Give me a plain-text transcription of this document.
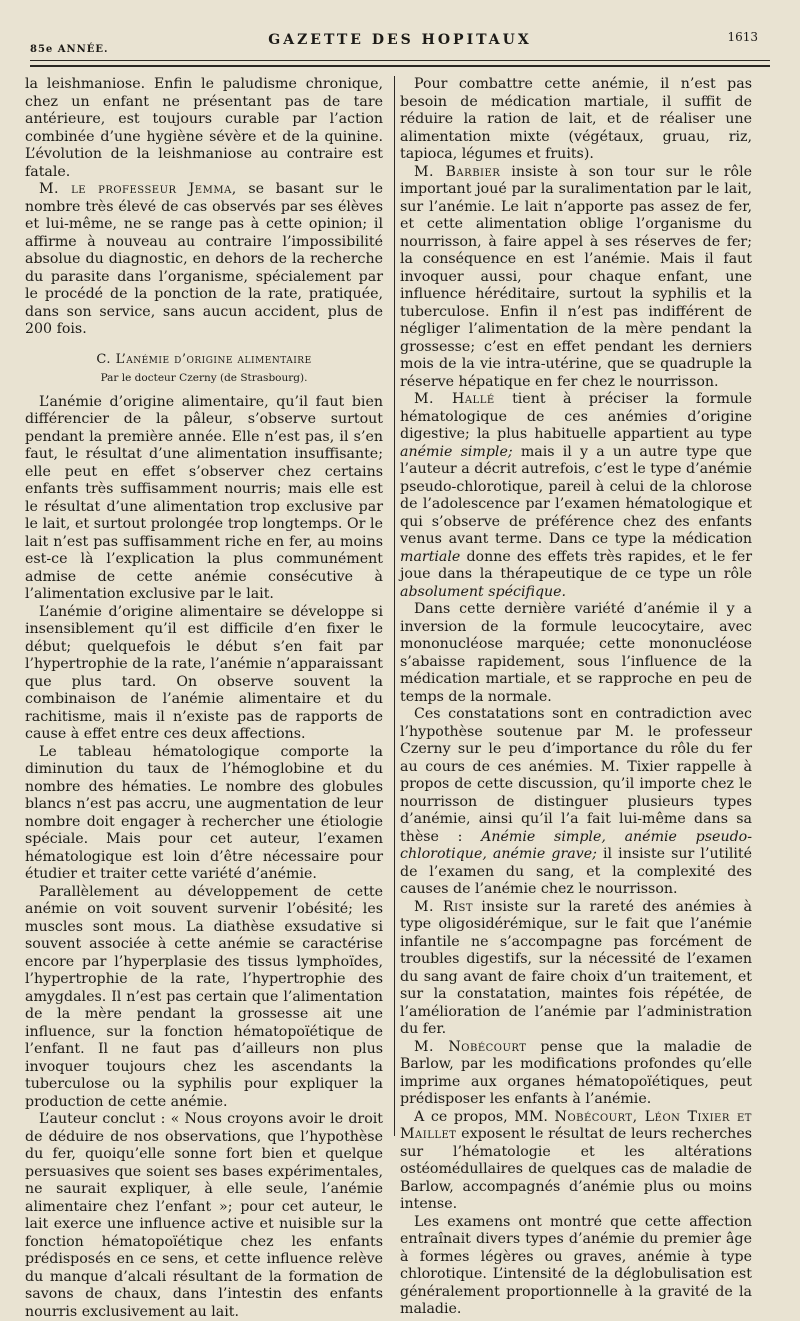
85e ANNÉE.
GAZETTE DES HOPITAUX	1613

la leishmaniose. Enfin le paludisme chronique, chez un enfant ne présentant pas de tare antérieure, est toujours curable par l’action combinée d’une hygiène sévère et de la quinine. L’évolution de la leishmaniose au contraire est fatale.

M. le professeur Jemma, se basant sur le nombre très élevé de cas observés par ses élèves et lui-même, ne se range pas à cette opinion; il affirme à nouveau au contraire l’impossibilité absolue du diagnostic, en dehors de la recherche du parasite dans l’organisme, spécialement par le procédé de la ponction de la rate, pratiquée, dans son service, sans aucun accident, plus de 200 fois.

C. L’anémie d’origine alimentaire
Par le docteur Czerny (de Strasbourg).

L’anémie d’origine alimentaire, qu’il faut bien différencier de la pâleur, s’observe surtout pendant la première année. Elle n’est pas, il s’en faut, le résultat d’une alimentation insuffisante; elle peut en effet s’observer chez certains enfants très suffisamment nourris; mais elle est le résultat d’une alimentation trop exclusive par le lait, et surtout prolongée trop longtemps. Or le lait n’est pas suffisamment riche en fer, au moins est-ce là l’explication la plus communément admise de cette anémie consécutive à l’alimentation exclusive par le lait.

L’anémie d’origine alimentaire se développe si insensiblement qu’il est difficile d’en fixer le début; quelquefois le début s’en fait par l’hypertrophie de la rate, l’anémie n’apparaissant que plus tard. On observe souvent la combinaison de l’anémie alimentaire et du rachitisme, mais il n’existe pas de rapports de cause à effet entre ces deux affections.

Le tableau hématologique comporte la diminution du taux de l’hémoglobine et du nombre des hématies. Le nombre des globules blancs n’est pas accru, une augmentation de leur nombre doit engager à rechercher une étiologie spéciale. Mais pour cet auteur, l’examen hématologique est loin d’être nécessaire pour étudier et traiter cette variété d’anémie.

Parallèlement au développement de cette anémie on voit souvent survenir l’obésité; les muscles sont mous. La diathèse exsudative si souvent associée à cette anémie se caractérise encore par l’hyperplasie des tissus lymphoïdes, l’hypertrophie de la rate, l’hypertrophie des amygdales. Il n’est pas certain que l’alimentation de la mère pendant la grossesse ait une influence, sur la fonction hématopoïétique de l’enfant. Il ne faut pas d’ailleurs non plus invoquer toujours chez les ascendants la tuberculose ou la syphilis pour expliquer la production de cette anémie.

L’auteur conclut : « Nous croyons avoir le droit de déduire de nos observations, que l’hypothèse du fer, quoiqu’elle sonne fort bien et quelque persuasives que soient ses bases expérimentales, ne saurait expliquer, à elle seule, l’anémie alimentaire chez l’enfant »; pour cet auteur, le lait exerce une influence active et nuisible sur la fonction hématopoïétique chez les enfants prédisposés en ce sens, et cette influence relève du manque d’alcali résultant de la formation de savons de chaux, dans l’intestin des enfants nourris exclusivement au lait.

Pour combattre cette anémie, il n’est pas besoin de médication martiale, il suffit de réduire la ration de lait, et de réaliser une alimentation mixte (végétaux, gruau, riz, tapioca, légumes et fruits).

M. Barbier insiste à son tour sur le rôle important joué par la suralimentation par le lait, sur l’anémie. Le lait n’apporte pas assez de fer, et cette alimentation oblige l’organisme du nourrisson, à faire appel à ses réserves de fer; la conséquence en est l’anémie. Mais il faut invoquer aussi, pour chaque enfant, une influence héréditaire, surtout la syphilis et la tuberculose. Enfin il n’est pas indifférent de négliger l’alimentation de la mère pendant la grossesse; c’est en effet pendant les derniers mois de la vie intra-utérine, que se quadruple la réserve hépatique en fer chez le nourrisson.

M. Hallé tient à préciser la formule hématologique de ces anémies d’origine digestive; la plus habituelle appartient au type anémie simple; mais il y a un autre type que l’auteur a décrit autrefois, c’est le type d’anémie pseudo-chlorotique, pareil à celui de la chlorose de l’adolescence par l’examen hématologique et qui s’observe de préférence chez des enfants venus avant terme. Dans ce type la médication martiale donne des effets très rapides, et le fer joue dans la thérapeutique de ce type un rôle absolument spécifique.

Dans cette dernière variété d’anémie il y a inversion de la formule leucocytaire, avec mononucléose marquée; cette mononucléose s’abaisse rapidement, sous l’influence de la médication martiale, et se rapproche en peu de temps de la normale.

Ces constatations sont en contradiction avec l’hypothèse soutenue par M. le professeur Czerny sur le peu d’importance du rôle du fer au cours de ces anémies. M. Tixier rappelle à propos de cette discussion, qu’il importe chez le nourrisson de distinguer plusieurs types d’anémie, ainsi qu’il l’a fait lui-même dans sa thèse : Anémie simple, anémie pseudo-chlorotique, anémie grave; il insiste sur l’utilité de l’examen du sang, et la complexité des causes de l’anémie chez le nourrisson.

M. Rist insiste sur la rareté des anémies à type oligosidérémique, sur le fait que l’anémie infantile ne s’accompagne pas forcément de troubles digestifs, sur la nécessité de l’examen du sang avant de faire choix d’un traitement, et sur la constatation, maintes fois répétée, de l’amélioration de l’anémie par l’administration du fer.

M. Nobécourt pense que la maladie de Barlow, par les modifications profondes qu’elle imprime aux organes hématopoïétiques, peut prédisposer les enfants à l’anémie.

A ce propos, MM. Nobécourt, Léon Tixier et Maillet exposent le résultat de leurs recherches sur l’hématologie et les altérations ostéomédullaires de quelques cas de maladie de Barlow, accompagnés d’anémie plus ou moins intense.

Les examens ont montré que cette affection entraînait divers types d’anémie du premier âge à formes légères ou graves, anémie à type chlorotique. L’intensité de la déglobulisation est généralement proportionnelle à la gravité de la maladie.
